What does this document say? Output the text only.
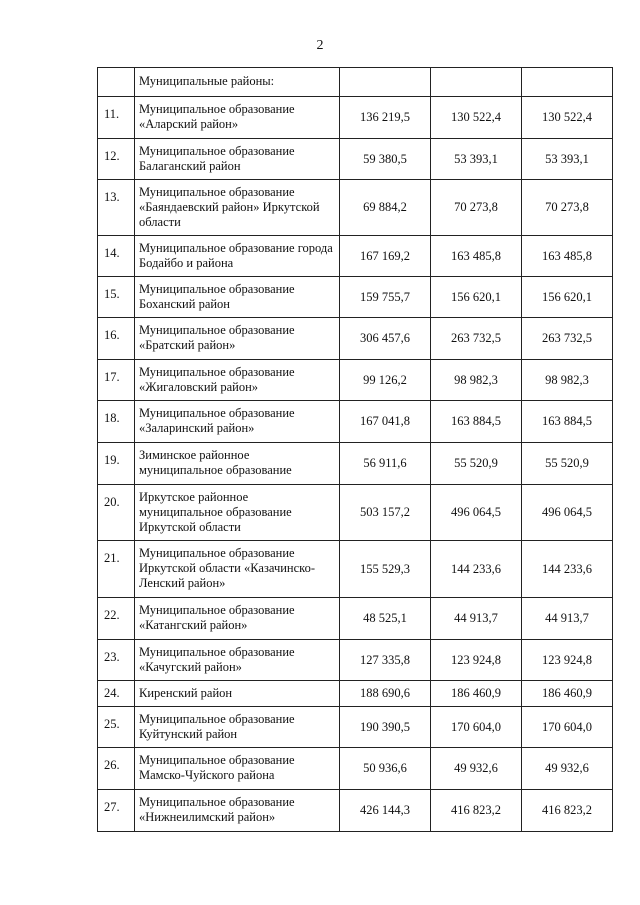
2
	Муниципальные районы:			
11.	Муниципальное образование «Аларский район»	136 219,5	130 522,4	130 522,4
12.	Муниципальное образование Балаганский район	59 380,5	53 393,1	53 393,1
13.	Муниципальное образование «Баяндаевский район» Иркутской области	69 884,2	70 273,8	70 273,8
14.	Муниципальное образование города Бодайбо и района	167 169,2	163 485,8	163 485,8
15.	Муниципальное образование Боханский район	159 755,7	156 620,1	156 620,1
16.	Муниципальное образование «Братский район»	306 457,6	263 732,5	263 732,5
17.	Муниципальное образование «Жигаловский район»	99 126,2	98 982,3	98 982,3
18.	Муниципальное образование «Заларинский район»	167 041,8	163 884,5	163 884,5
19.	Зиминское районное муниципальное образование	56 911,6	55 520,9	55 520,9
20.	Иркутское районное муниципальное образование Иркутской области	503 157,2	496 064,5	496 064,5
21.	Муниципальное образование Иркутской области «Казачинско-Ленский район»	155 529,3	144 233,6	144 233,6
22.	Муниципальное образование «Катангский район»	48 525,1	44 913,7	44 913,7
23.	Муниципальное образование «Качугский район»	127 335,8	123 924,8	123 924,8
24.	Киренский район	188 690,6	186 460,9	186 460,9
25.	Муниципальное образование Куйтунский район	190 390,5	170 604,0	170 604,0
26.	Муниципальное образование Мамско-Чуйского района	50 936,6	49 932,6	49 932,6
27.	Муниципальное образование «Нижнеилимский район»	426 144,3	416 823,2	416 823,2
